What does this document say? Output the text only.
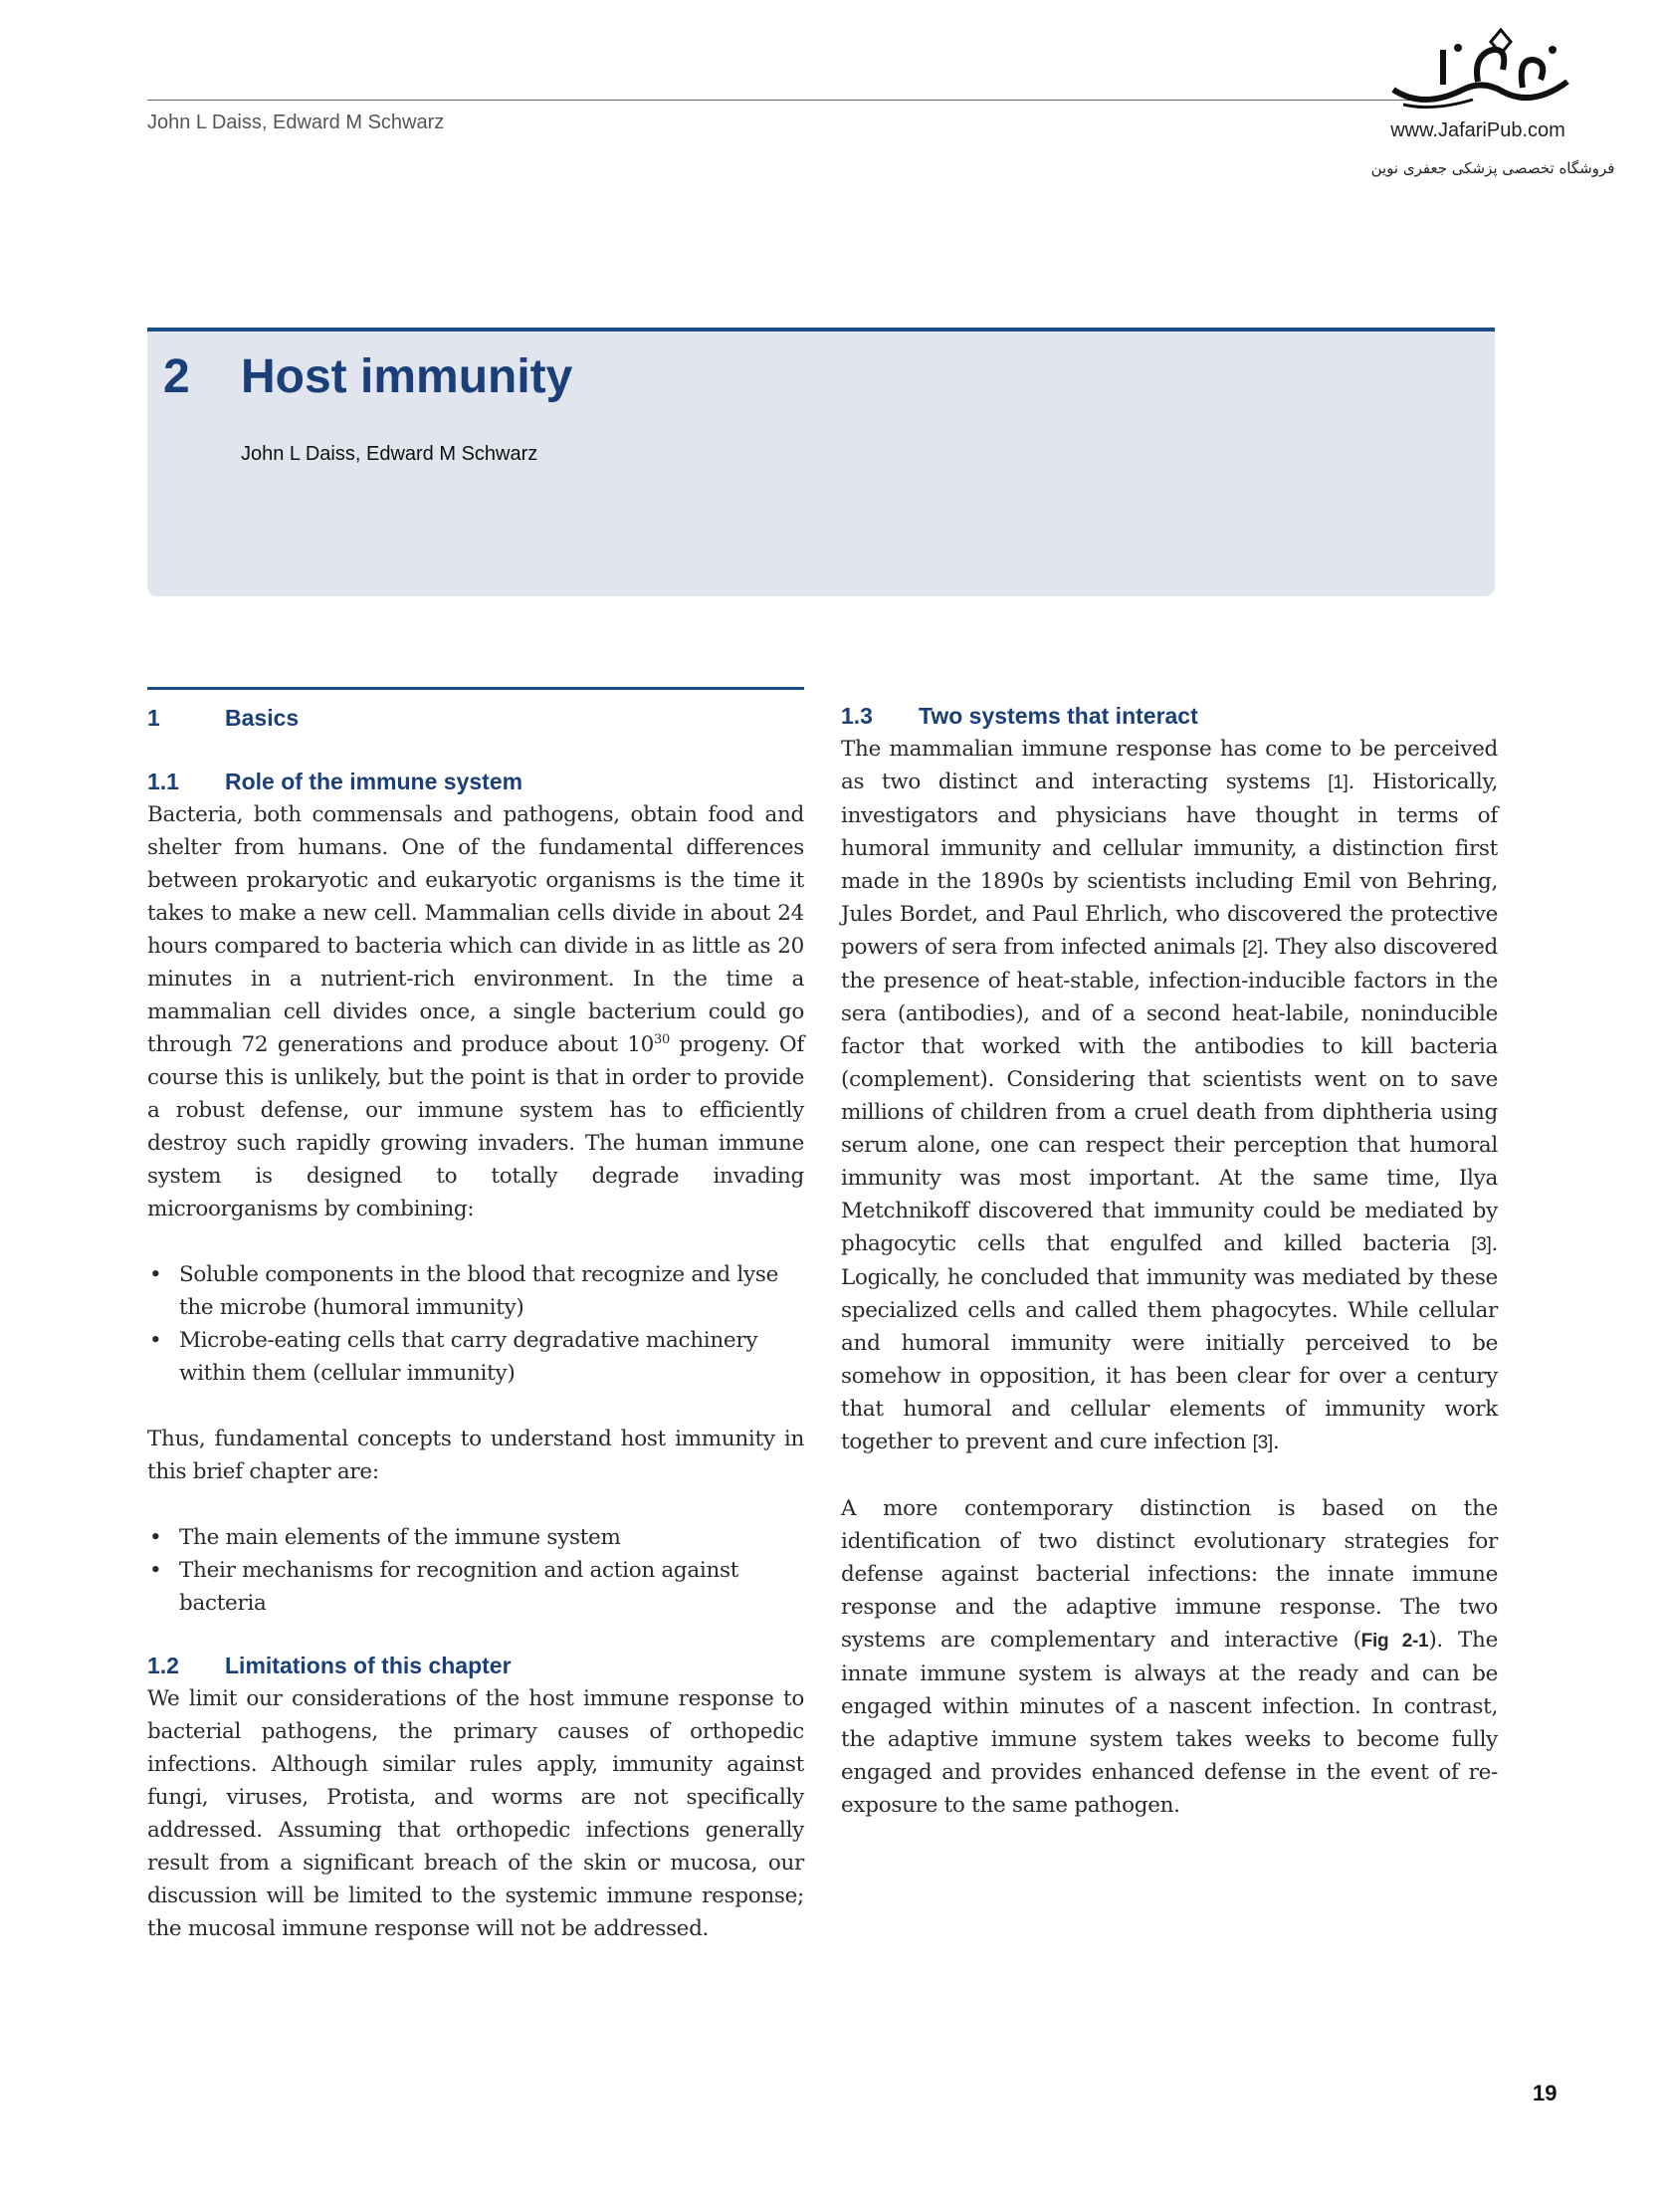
John L Daiss, Edward M Schwarz	www.JafariPub.com
فروشگاه تخصصی پزشکی جعفری نوین
2 Host immunity
John L Daiss, Edward M Schwarz
1	Basics
1.1 Role of the immune system

Bacteria, both commensals and pathogens, obtain food and shelter from humans. One of the fundamental differences between prokaryotic and eukaryotic organisms is the time it takes to make a new cell. Mammalian cells divide in about 24 hours compared to bacteria which can divide in as little as 20 minutes in a nutrient-rich environment. In the time a mammalian cell divides once, a single bacterium could go through 72 generations and produce about $10^{30}$ progeny. Of course this is unlikely, but the point is that in order to provide a robust defense, our immune system has to efficiently destroy such rapidly growing invaders. The human immune system is designed to totally degrade invading microorganisms by combining:

• Soluble components in the blood that recognize and lyse the microbe (humoral immunity)
• Microbe-eating cells that carry degradative machinery within them (cellular immunity)

Thus, fundamental concepts to understand host immunity in this brief chapter are:

• The main elements of the immune system
• Their mechanisms for recognition and action against bacteria
1.2 Limitations of this chapter

We limit our considerations of the host immune response to bacterial pathogens, the primary causes of orthopedic infections. Although similar rules apply, immunity against fungi, viruses, Protista, and worms are not specifically addressed. Assuming that orthopedic infections generally result from a significant breach of the skin or mucosa, our discussion will be limited to the systemic immune response; the mucosal immune response will not be addressed.

1.3 Two systems that interact

The mammalian immune response has come to be perceived as two distinct and interacting systems [1]. Historically, investigators and physicians have thought in terms of humoral immunity and cellular immunity, a distinction first made in the 1890s by scientists including Emil von Behring, Jules Bordet, and Paul Ehrlich, who discovered the protective powers of sera from infected animals [2]. They also discovered the presence of heat-stable, infection-inducible factors in the sera (antibodies), and of a second heat-labile, noninducible factor that worked with the antibodies to kill bacteria (complement). Considering that scientists went on to save millions of children from a cruel death from diphtheria using serum alone, one can respect their perception that humoral immunity was most important. At the same time, Ilya Metchnikoff discovered that immunity could be mediated by phagocytic cells that engulfed and killed bacteria [3]. Logically, he concluded that immunity was mediated by these specialized cells and called them phagocytes. While cellular and humoral immunity were initially perceived to be somehow in opposition, it has been clear for over a century that humoral and cellular elements of immunity work together to prevent and cure infection [3].

A more contemporary distinction is based on the identification of two distinct evolutionary strategies for defense against bacterial infections: the innate immune response and the adaptive immune response. The two systems are complementary and interactive (Fig 2-1). The innate immune system is always at the ready and can be engaged within minutes of a nascent infection. In contrast, the adaptive immune system takes weeks to become fully engaged and provides enhanced defense in the event of re-exposure to the same pathogen.

19
